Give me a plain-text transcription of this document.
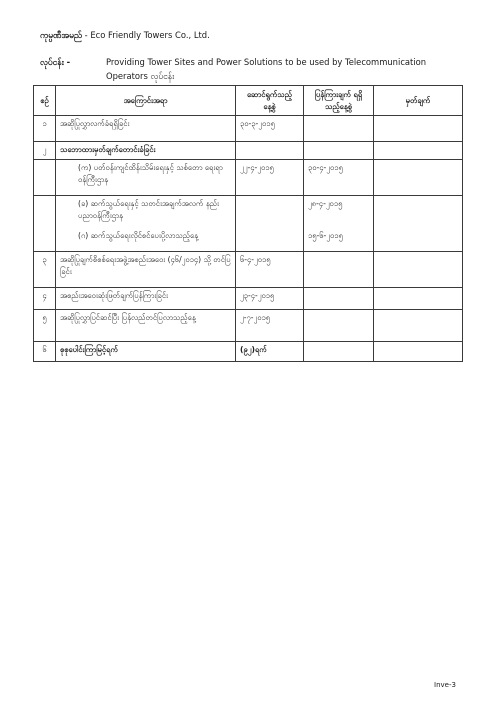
ကုမ္ပဏီအမည် - Eco Friendly Towers Co., Ltd.
လုပ်ငန်း -	Providing Tower Sites and Power Solutions to be used by Telecommunication
Operators လုပ်ငန်း
စဉ်	အကြောင်းအရာ	ဆောင်ရွက်သည့် နေ့စွဲ	ပြန်ကြားချက် ရရှိသည့်နေ့စွဲ	မှတ်ချက်
၁	အဆိုပြုလွှာလက်ခံရရှိခြင်း	၃၀-၃-၂၀၁၅		
၂	သဘောထားမှတ်ချက်တောင်းခံခြင်း			
	(က) ပတ်ဝန်းကျင်ထိန်းသိမ်းရေးနှင့် သစ်တော ရေးရာဝန်ကြီးဌာန	၂၂-၄-၂၀၁၅	၃၀-၄-၂၀၁၅	
	(ခ) ဆက်သွယ်ရေးနှင့် သတင်းအချက်အလက် နည်းပညာဝန်ကြီးဌာန		၂၈-၄-၂၀၁၅	
	(ဂ) ဆက်သွယ်ရေးလိုင်စင်ပေးပို့လာသည့်နေ့		၁၅-၆-၂၀၁၅	
၃	အဆိုပြုချက်စိစစ်ရေးအဖွဲ့အစည်းအဝေး (၄၆/၂၀၁၄) သို့ တင်ပြခြင်း	၆-၄-၂၀၁၅		
၄	အစည်းအဝေးဆုံးဖြတ်ချက်ပြန်ကြားခြင်း	၂၃-၄-၂၀၁၅		
၅	အဆိုပြုလွှာပြင်ဆင်ပြီး ပြန်လည်တင်ပြလာသည့်နေ့	၂-၇-၂၀၁၅		
၆	စုစုပေါင်းကြာမြင့်ရက်	(၉၂)ရက်		
Inve-3
